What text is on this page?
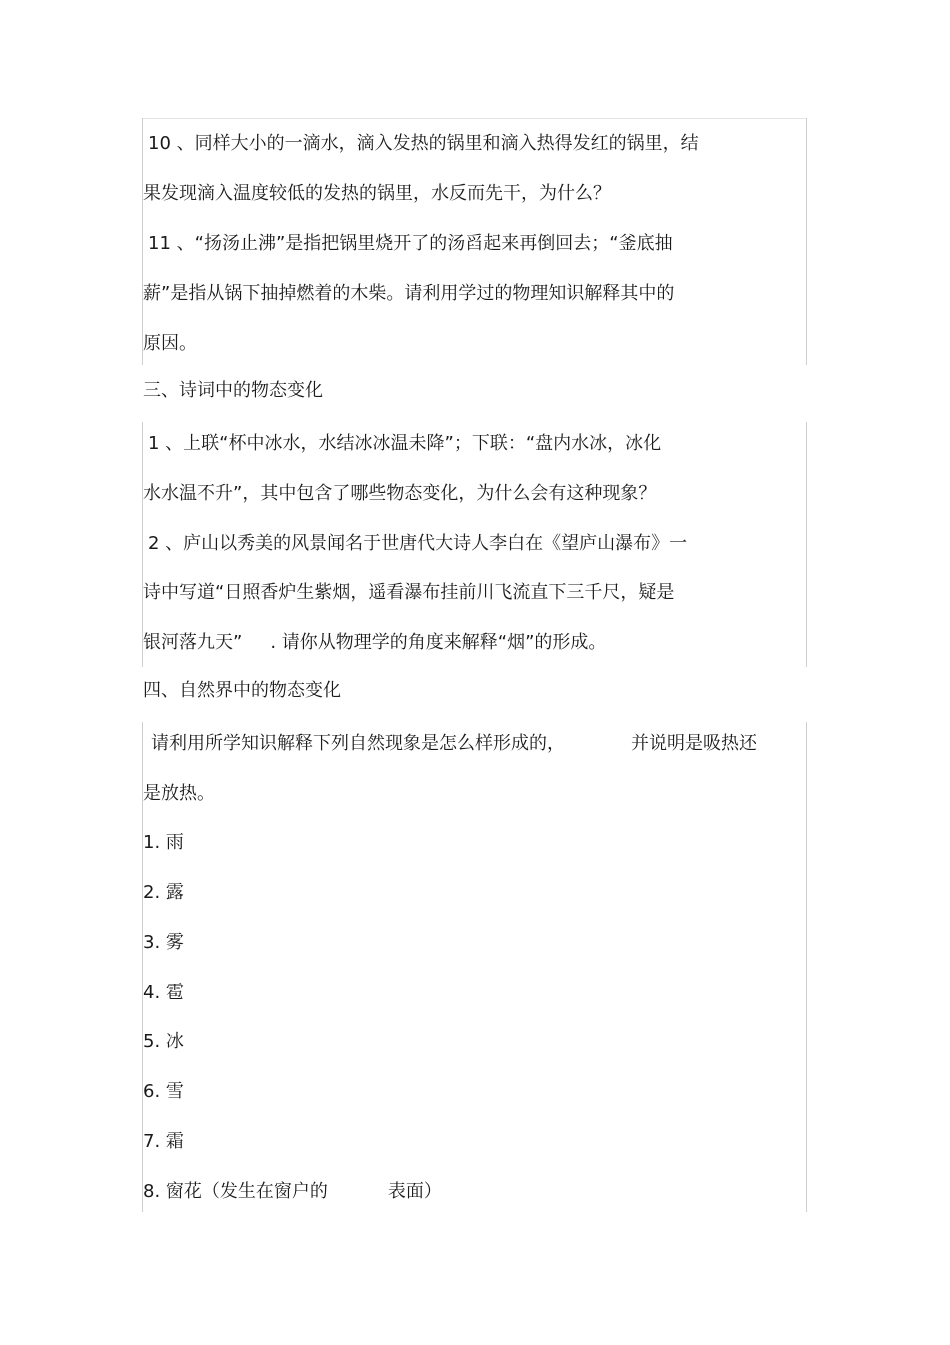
10 、同样大小的一滴水，滴入发热的锅里和滴入热得发红的锅里，结
果发现滴入温度较低的发热的锅里，水反而先干，为什么？
11 、“扬汤止沸”是指把锅里烧开了的汤舀起来再倒回去；“釜底抽
薪”是指从锅下抽掉燃着的木柴。请利用学过的物理知识解释其中的
原因。
三、诗词中的物态变化
1 、上联“杯中冰水，水结冰冰温未降”；下联：“盘内水冰，冰化
水水温不升”，其中包含了哪些物态变化，为什么会有这种现象？
2 、庐山以秀美的风景闻名于世唐代大诗人李白在《望庐山瀑布》一
诗中写道“日照香炉生紫烟，遥看瀑布挂前川飞流直下三千尺，疑是
银河落九天” . 请你从物理学的角度来解释“烟”的形成。
四、自然界中的物态变化
请利用所学知识解释下列自然现象是怎么样形成的，	并说明是吸热还
是放热。
1. 雨
2. 露
3. 雾
4. 雹
5. 冰
6. 雪
7. 霜
8. 窗花（发生在窗户的	表面）
